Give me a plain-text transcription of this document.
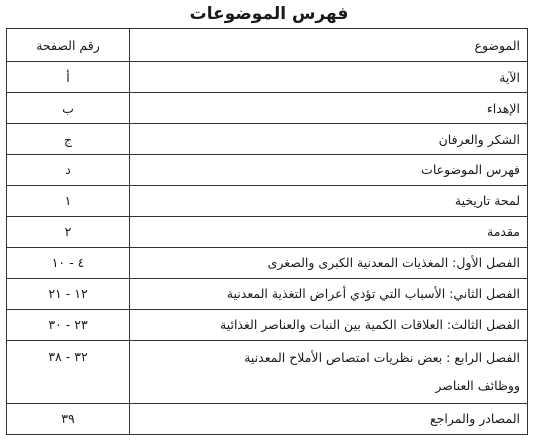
فهرس الموضوعات
الموضوع	رقم الصفحة
الآية	أ
الإهداء	ب
الشكر والعرفان	ج
فهرس الموضوعات	د
لمحة تاريخية	١
مقدمة	٢
الفصل الأول: المغذيات المعدنية الكبرى والصغرى	٤ - ١٠
الفصل الثاني: الأسباب التي تؤدي أعراض التغذية المعدنية	١٢ - ٢١
الفصل الثالث: العلاقات الكمية بين النبات والعناصر الغذائية	٢٣ - ٣٠

الفصل الرابع : بعض نظريات امتصاص الأملاح المعدنية
ووظائف العناصر	٣٢ - ٣٨
المصادر والمراجع	٣٩
